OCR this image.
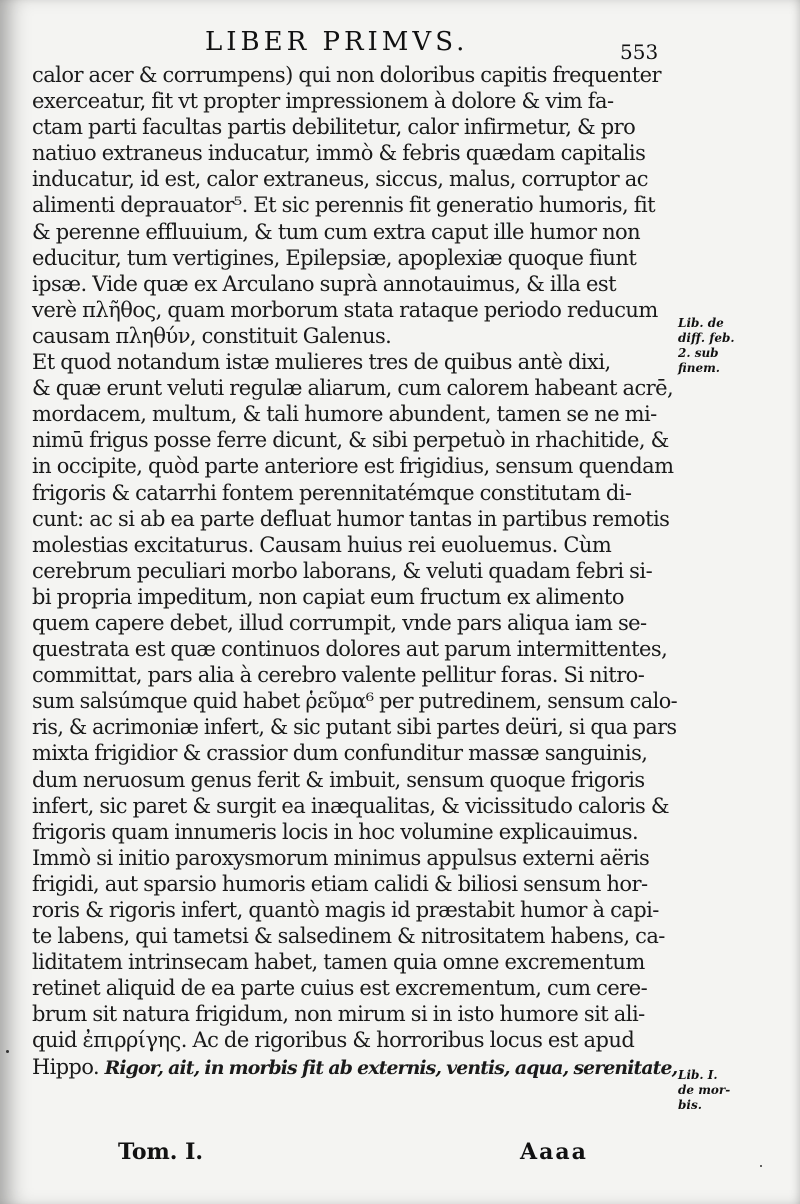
LIBER PRIMVS.	553
calor acer & corrumpens) qui non doloribus capitis frequenter
exerceatur, fit vt propter impressionem à dolore & vim fa-
ctam parti facultas partis debilitetur, calor infirmetur, & pro
natiuo extraneus inducatur, immò & febris quædam capitalis
inducatur, id est, calor extraneus, siccus, malus, corruptor ac
alimenti deprauator⁵. Et sic perennis fit generatio humoris, fit
& perenne effluuium, & tum cum extra caput ille humor non
educitur, tum vertigines, Epilepsiæ, apoplexiæ quoque fiunt
ipsæ. Vide quæ ex Arculano suprà annotauimus, & illa est
verè πλῆθος, quam morborum stata rataque periodo reducum
causam πληθύν, constituit Galenus.
Et quod notandum istæ mulieres tres de quibus antè dixi,
& quæ erunt veluti regulæ aliarum, cum calorem habeant acrē,
mordacem, multum, & tali humore abundent, tamen se ne mi-
nimū frigus posse ferre dicunt, & sibi perpetuò in rhachitide, &
in occipite, quòd parte anteriore est frigidius, sensum quendam
frigoris & catarrhi fontem perennitatémque constitutam di-
cunt: ac si ab ea parte defluat humor tantas in partibus remotis
molestias excitaturus. Causam huius rei euoluemus. Cùm
cerebrum peculiari morbo laborans, & veluti quadam febri si-
bi propria impeditum, non capiat eum fructum ex alimento
quem capere debet, illud corrumpit, vnde pars aliqua iam se-
questrata est quæ continuos dolores aut parum intermittentes,
committat, pars alia à cerebro valente pellitur foras. Si nitro-
sum salsúmque quid habet ῥεῦμα⁶ per putredinem, sensum calo-
ris, & acrimoniæ infert, & sic putant sibi partes deüri, si qua pars
mixta frigidior & crassior dum confunditur massæ sanguinis,
dum neruosum genus ferit & imbuit, sensum quoque frigoris
infert, sic paret & surgit ea inæqualitas, & vicissitudo caloris &
frigoris quam innumeris locis in hoc volumine explicauimus.
Immò si initio paroxysmorum minimus appulsus externi aëris
frigidi, aut sparsio humoris etiam calidi & biliosi sensum hor-
roris & rigoris infert, quantò magis id præstabit humor à capi-
te labens, qui tametsi & salsedinem & nitrositatem habens, ca-
liditatem intrinsecam habet, tamen quia omne excrementum
retinet aliquid de ea parte cuius est excrementum, cum cere-
brum sit natura frigidum, non mirum si in isto humore sit ali-
quid ἐπιρρίγης. Ac de rigoribus & horroribus locus est apud
Hippo. Rigor, ait, in morbis fit ab externis, ventis, aqua, serenitate,
Lib. de
diff. feb.
2. sub
finem.
Lib. I.
de mor-
bis.
Tom. I.	Aaaa
